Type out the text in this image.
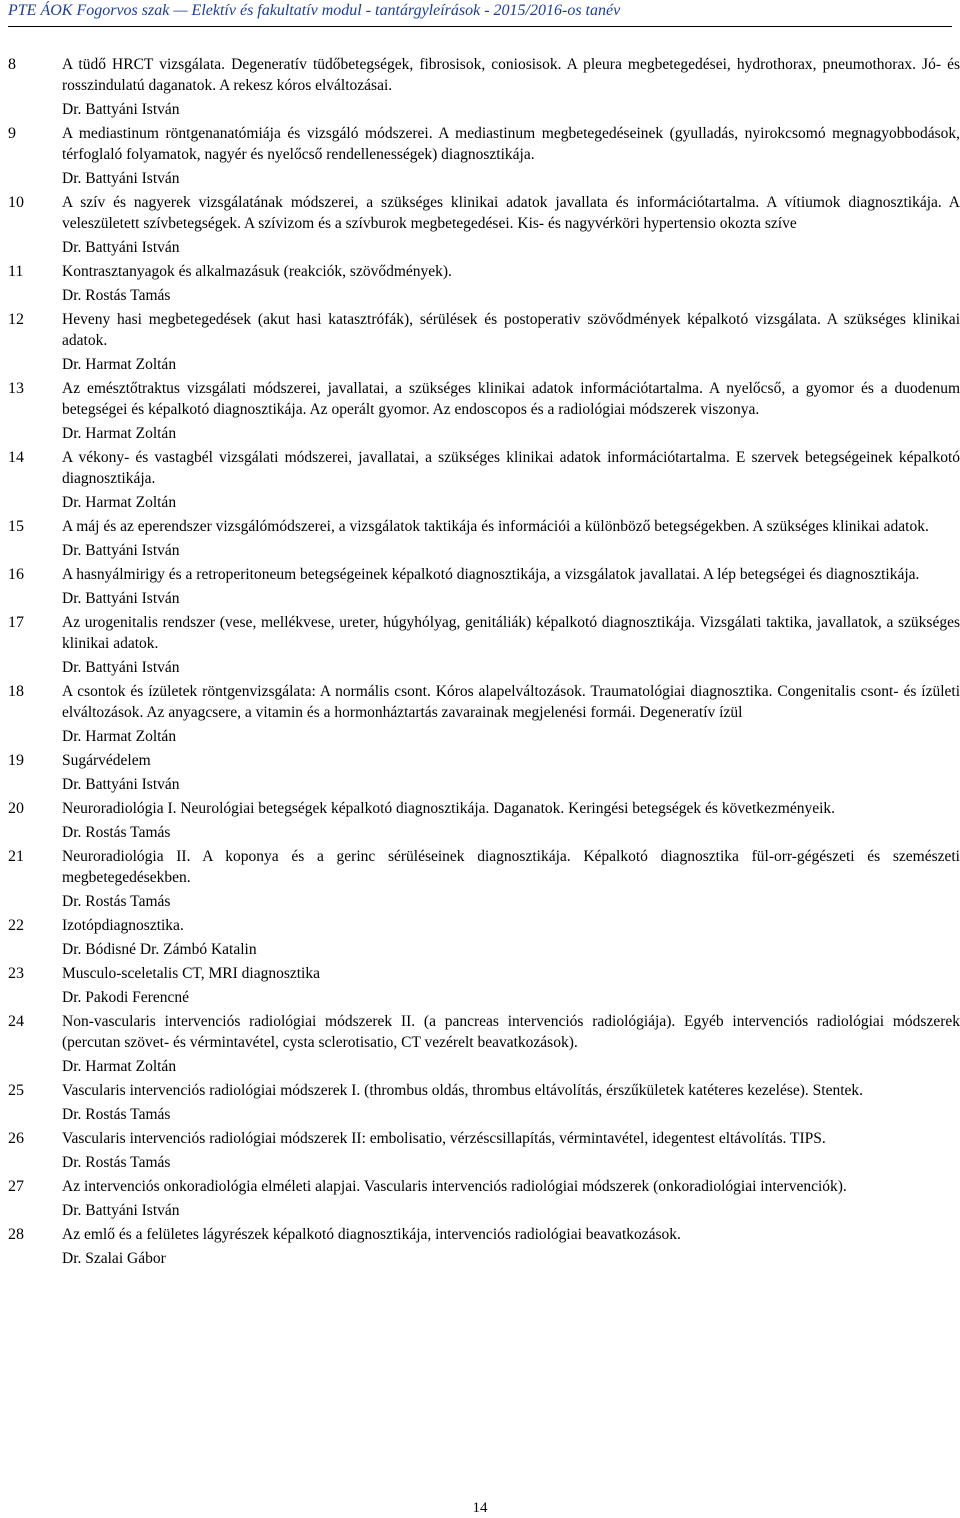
PTE ÁOK Fogorvos szak — Elektív és fakultatív modul - tantárgyleírások - 2015/2016-os tanév
8	A tüdő HRCT vizsgálata. Degeneratív tüdőbetegségek, fibrosisok, coniosisok. A pleura megbetegedései, hydrothorax, pneumothorax. Jó- és rosszindulatú daganatok. A rekesz kóros elváltozásai.
Dr. Battyáni István
9	A mediastinum röntgenanatómiája és vizsgáló módszerei. A mediastinum megbetegedéseinek (gyulladás, nyirokcsomó megnagyobbodások, térfoglaló folyamatok, nagyér és nyelőcső rendellenességek) diagnosztikája.
Dr. Battyáni István
10	A szív és nagyerek vizsgálatának módszerei, a szükséges klinikai adatok javallata és információtartalma. A vítiumok diagnosztikája. A veleszületett szívbetegségek. A szívizom és a szívburok megbetegedései. Kis- és nagyvérköri hypertensio okozta szíve
Dr. Battyáni István
11	Kontrasztanyagok és alkalmazásuk (reakciók, szövődmények).
Dr. Rostás Tamás
12	Heveny hasi megbetegedések (akut hasi katasztrófák), sérülések és postoperativ szövődmények képalkotó vizsgálata. A szükséges klinikai adatok.
Dr. Harmat Zoltán
13	Az emésztőtraktus vizsgálati módszerei, javallatai, a szükséges klinikai adatok információtartalma. A nyelőcső, a gyomor és a duodenum betegségei és képalkotó diagnosztikája. Az operált gyomor. Az endoscopos és a radiológiai módszerek viszonya.
Dr. Harmat Zoltán
14	A vékony- és vastagbél vizsgálati módszerei, javallatai, a szükséges klinikai adatok információtartalma. E szervek betegségeinek képalkotó diagnosztikája.
Dr. Harmat Zoltán
15	A máj és az eperendszer vizsgálómódszerei, a vizsgálatok taktikája és információi a különböző betegségekben. A szükséges klinikai adatok.
Dr. Battyáni István
16	A hasnyálmirigy és a retroperitoneum betegségeinek képalkotó diagnosztikája, a vizsgálatok javallatai. A lép betegségei és diagnosztikája.
Dr. Battyáni István
17	Az urogenitalis rendszer (vese, mellékvese, ureter, húgyhólyag, genitáliák) képalkotó diagnosztikája. Vizsgálati taktika, javallatok, a szükséges klinikai adatok.
Dr. Battyáni István
18	A csontok és ízületek röntgenvizsgálata: A normális csont. Kóros alapelváltozások. Traumatológiai diagnosztika. Congenitalis csont- és ízületi elváltozások. Az anyagcsere, a vitamin és a hormonháztartás zavarainak megjelenési formái. Degeneratív ízül
Dr. Harmat Zoltán
19	Sugárvédelem
Dr. Battyáni István
20	Neuroradiológia I. Neurológiai betegségek képalkotó diagnosztikája. Daganatok. Keringési betegségek és következményeik.
Dr. Rostás Tamás
21	Neuroradiológia II. A koponya és a gerinc sérüléseinek diagnosztikája. Képalkotó diagnosztika fül-orr-gégészeti és szemészeti megbetegedésekben.
Dr. Rostás Tamás
22	Izotópdiagnosztika.
Dr. Bódisné Dr. Zámbó Katalin
23	Musculo-sceletalis CT, MRI diagnosztika
Dr. Pakodi Ferencné
24	Non-vascularis intervenciós radiológiai módszerek II. (a pancreas intervenciós radiológiája). Egyéb intervenciós radiológiai módszerek (percutan szövet- és vérmintavétel, cysta sclerotisatio, CT vezérelt beavatkozások).
Dr. Harmat Zoltán
25	Vascularis intervenciós radiológiai módszerek I. (thrombus oldás, thrombus eltávolítás, érszűkületek katéteres kezelése). Stentek.
Dr. Rostás Tamás
26	Vascularis intervenciós radiológiai módszerek II: embolisatio, vérzéscsillapítás, vérmintavétel, idegentest eltávolítás. TIPS.
Dr. Rostás Tamás
27	Az intervenciós onkoradiológia elméleti alapjai. Vascularis intervenciós radiológiai módszerek (onkoradiológiai intervenciók).
Dr. Battyáni István
28	Az emlő és a felületes lágyrészek képalkotó diagnosztikája, intervenciós radiológiai beavatkozások.
Dr. Szalai Gábor
14
